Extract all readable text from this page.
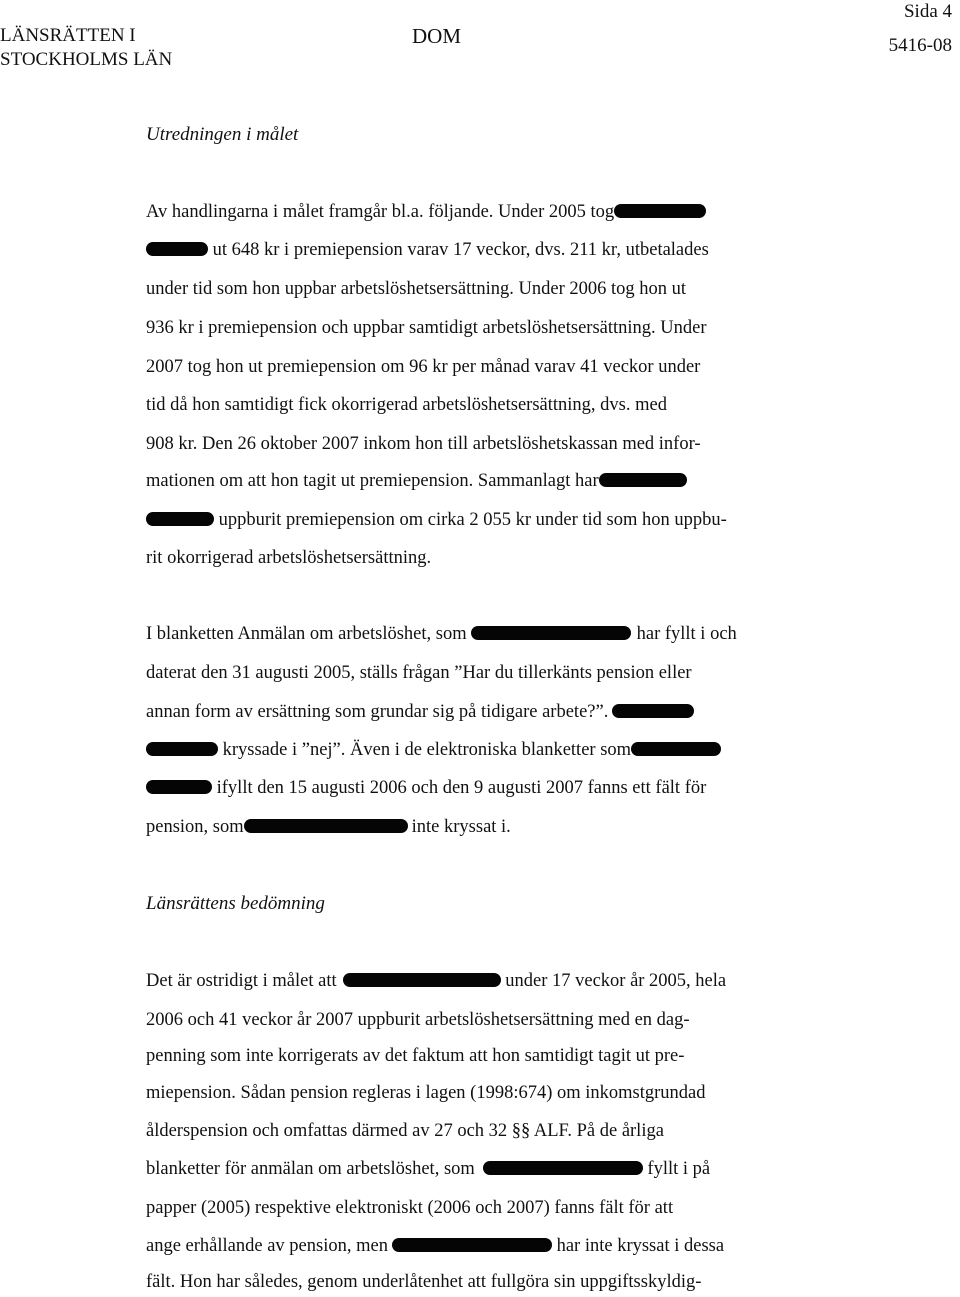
LÄNSRÄTTEN I
STOCKHOLMS LÄN
DOM
Sida 4
5416-08
Utredningen i målet
Av handlingarna i målet framgår bl.a. följande. Under 2005 tog
ut 648 kr i premiepension varav 17 veckor, dvs. 211 kr, utbetalades
under tid som hon uppbar arbetslöshetsersättning. Under 2006 tog hon ut
936 kr i premiepension och uppbar samtidigt arbetslöshetsersättning. Under
2007 tog hon ut premiepension om 96 kr per månad varav 41 veckor under
tid då hon samtidigt fick okorrigerad arbetslöshetsersättning, dvs. med
908 kr. Den 26 oktober 2007 inkom hon till arbetslöshetskassan med infor-
mationen om att hon tagit ut premiepension. Sammanlagt har
uppburit premiepension om cirka 2 055 kr under tid som hon uppbu-
rit okorrigerad arbetslöshetsersättning.
I blanketten Anmälan om arbetslöshet, som	har fyllt i och
daterat den 31 augusti 2005, ställs frågan ”Har du tillerkänts pension eller
annan form av ersättning som grundar sig på tidigare arbete?”.
kryssade i ”nej”. Även i de elektroniska blanketter som
ifyllt den 15 augusti 2006 och den 9 augusti 2007 fanns ett fält för
pension, som	inte kryssat i.
Länsrättens bedömning
Det är ostridigt i målet att	under 17 veckor år 2005, hela
2006 och 41 veckor år 2007 uppburit arbetslöshetsersättning med en dag-
penning som inte korrigerats av det faktum att hon samtidigt tagit ut pre-
miepension. Sådan pension regleras i lagen (1998:674) om inkomstgrundad
ålderspension och omfattas därmed av 27 och 32 §§ ALF. På de årliga
blanketter för anmälan om arbetslöshet, som	fyllt i på
papper (2005) respektive elektroniskt (2006 och 2007) fanns fält för att
ange erhållande av pension, men	har inte kryssat i dessa
fält. Hon har således, genom underlåtenhet att fullgöra sin uppgiftsskyldig-
